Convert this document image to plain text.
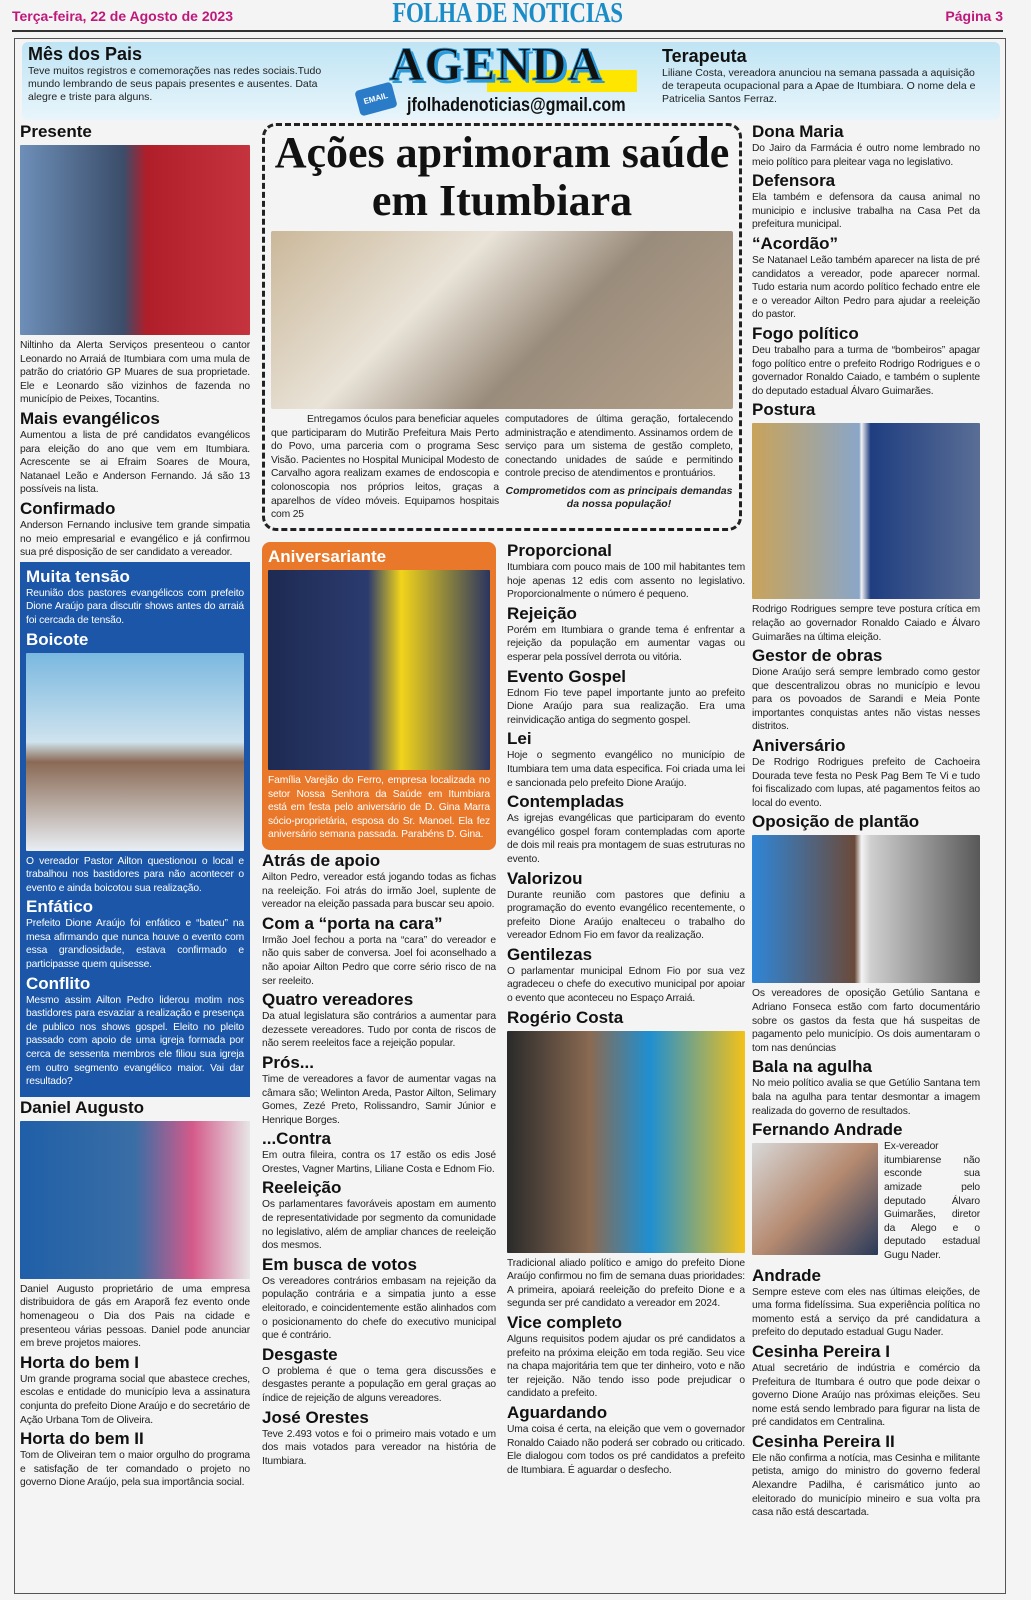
Terça-feira, 22 de Agosto de 2023	FOLHA DE NOTICIAS	Página 3
Mês dos Pais
Teve muitos registros e comemorações nas redes sociais.Tudo mundo lembrando de seus papais presentes e ausentes. Data alegre e triste para alguns.
AGENDA
EMAIL jfolhadenoticias@gmail.com
Terapeuta
Liliane Costa, vereadora anunciou na semana passada a aquisição de terapeuta ocupacional para a Apae de Itumbiara. O nome dela e Patricelia Santos Ferraz.
Ações aprimoram saúde em Itumbiara
Entregamos óculos para beneficiar aqueles que participaram do Mutirão Prefeitura Mais Perto do Povo, uma parceria com o programa Sesc Visão. Pacientes no Hospital Municipal Modesto de Carvalho agora realizam exames de endoscopia e colonoscopia nos próprios leitos, graças a aparelhos de vídeo móveis. Equipamos hospitais com 25
computadores de última geração, fortalecendo administração e atendimento. Assinamos ordem de serviço para um sistema de gestão completo, conectando unidades de saúde e permitindo controle preciso de atendimentos e prontuários.
Comprometidos com as principais demandas da nossa população!
Presente
Niltinho da Alerta Serviços presenteou o cantor Leonardo no Arraiá de Itumbiara com uma mula de patrão do criatório GP Muares de sua proprietade. Ele e Leonardo são vizinhos de fazenda no município de Peixes, Tocantins.
Mais evangélicos
Aumentou a lista de pré candidatos evangélicos para eleição do ano que vem em Itumbiara. Acrescente se ai Efraim Soares de Moura, Natanael Leão e Anderson Fernando. Já são 13 possíveis na lista.
Confirmado
Anderson Fernando inclusive tem grande simpatia no meio empresarial e evangélico e já confirmou sua pré disposição de ser candidato a vereador.
Muita tensão
Reunião dos pastores evangélicos com prefeito Dione Araújo para discutir shows antes do arraiá foi cercada de tensão.
Boicote
O vereador Pastor Ailton questionou o local e trabalhou nos bastidores para não acontecer o evento e ainda boicotou sua realização.
Enfático
Prefeito Dione Araújo foi enfático e “bateu” na mesa afirmando que nunca houve o evento com essa grandiosidade, estava confirmado e participasse quem quisesse.
Conflito
Mesmo assim Ailton Pedro liderou motim nos bastidores para esvaziar a realização e presença de publico nos shows gospel. Eleito no pleito passado com apoio de uma igreja formada por cerca de sessenta membros ele filiou sua igreja em outro segmento evangélico maior. Vai dar resultado?
Daniel Augusto
Daniel Augusto proprietário de uma empresa distribuidora de gás em Araporã fez evento onde homenageou o Dia dos Pais na cidade e presenteou várias pessoas. Daniel pode anunciar em breve projetos maiores.
Horta do bem I
Um grande programa social que abastece creches, escolas e entidade do município leva a assinatura conjunta do prefeito Dione Araújo e do secretário de Ação Urbana Tom de Oliveira.
Horta do bem II
Tom de Oliveiran tem o maior orgulho do programa e satisfação de ter comandado o projeto no governo Dione Araújo, pela sua importância social.
Aniversariante
Família Varejão do Ferro, empresa localizada no setor Nossa Senhora da Saúde em Itumbiara está em festa pelo aniversário de D. Gina Marra sócio-proprietária, esposa do Sr. Manoel. Ela fez aniversário semana passada. Parabéns D. Gina.
Atrás de apoio
Ailton Pedro, vereador está jogando todas as fichas na reeleição. Foi atrás do irmão Joel, suplente de vereador na eleição passada para buscar seu apoio.
Com a “porta na cara”
Irmão Joel fechou a porta na “cara” do vereador e não quis saber de conversa. Joel foi aconselhado a não apoiar Ailton Pedro que corre sério risco de na ser reeleito.
Quatro vereadores
Da atual legislatura são contrários a aumentar para dezessete vereadores. Tudo por conta de riscos de não serem reeleitos face a rejeição popular.
Prós...
Time de vereadores a favor de aumentar vagas na câmara são; Welinton Areda, Pastor Ailton, Selimary Gomes, Zezé Preto, Rolissandro, Samir Júnior e Henrique Borges.
...Contra
Em outra fileira, contra os 17 estão os edis José Orestes, Vagner Martins, Liliane Costa e Ednom Fio.
Reeleição
Os parlamentares favoráveis apostam em aumento de representatividade por segmento da comunidade no legislativo, além de ampliar chances de reeleição dos mesmos.
Em busca de votos
Os vereadores contrários embasam na rejeição da população contrária e a simpatia junto a esse eleitorado, e coincidentemente estão alinhados com o posicionamento do chefe do executivo municipal que é contrário.
Desgaste
O problema é que o tema gera discussões e desgastes perante a população em geral graças ao índice de rejeição de alguns vereadores.
José Orestes
Teve 2.493 votos e foi o primeiro mais votado e um dos mais votados para vereador na história de Itumbiara.
Proporcional
Itumbiara com pouco mais de 100 mil habitantes tem hoje apenas 12 edis com assento no legislativo. Proporcionalmente o número é pequeno.
Rejeição
Porém em Itumbiara o grande tema é enfrentar a rejeição da população em aumentar vagas ou esperar pela possível derrota ou vitória.
Evento Gospel
Ednom Fio teve papel importante junto ao prefeito Dione Araújo para sua realização. Era uma reinvidicação antiga do segmento gospel.
Lei
Hoje o segmento evangélico no município de Itumbiara tem uma data especifica. Foi criada uma lei e sancionada pelo prefeito Dione Araújo.
Contempladas
As igrejas evangélicas que participaram do evento evangélico gospel foram contempladas com aporte de dois mil reais pra montagem de suas estruturas no evento.
Valorizou
Durante reunião com pastores que definiu a programação do evento evangélico recentemente, o prefeito Dione Araújo enalteceu o trabalho do vereador Ednom Fio em favor da realização.
Gentilezas
O parlamentar municipal Ednom Fio por sua vez agradeceu o chefe do executivo municipal por apoiar o evento que aconteceu no Espaço Arraiá.
Rogério Costa
Tradicional aliado político e amigo do prefeito Dione Araújo confirmou no fim de semana duas prioridades: A primeira, apoiará reeleição do prefeito Dione e a segunda ser pré candidato a vereador em 2024.
Vice completo
Alguns requisitos podem ajudar os pré candidatos a prefeito na próxima eleição em toda região. Seu vice na chapa majoritária tem que ter dinheiro, voto e não ter rejeição. Não tendo isso pode prejudicar o candidato a prefeito.
Aguardando
Uma coisa é certa, na eleição que vem o governador Ronaldo Caiado não poderá ser cobrado ou criticado. Ele dialogou com todos os pré candidatos a prefeito de Itumbiara. É aguardar o desfecho.
Dona Maria
Do Jairo da Farmácia é outro nome lembrado no meio político para pleitear vaga no legislativo.
Defensora
Ela também e defensora da causa animal no municipio e inclusive trabalha na Casa Pet da prefeitura municipal.
“Acordão”
Se Natanael Leão também aparecer na lista de pré candidatos a vereador, pode aparecer normal. Tudo estaria num acordo político fechado entre ele e o vereador Ailton Pedro para ajudar a reeleição do pastor.
Fogo político
Deu trabalho para a turma de “bombeiros” apagar fogo político entre o prefeito Rodrigo Rodrigues e o governador Ronaldo Caiado, e também o suplente do deputado estadual Álvaro Guimarães.
Postura
Rodrigo Rodrigues sempre teve postura crítica em relação ao governador Ronaldo Caiado e Álvaro Guimarães na última eleição.
Gestor de obras
Dione Araújo será sempre lembrado como gestor que descentralizou obras no município e levou para os povoados de Sarandi e Meia Ponte importantes conquistas antes não vistas nesses distritos.
Aniversário
De Rodrigo Rodrigues prefeito de Cachoeira Dourada teve festa no Pesk Pag Bem Te Vi e tudo foi fiscalizado com lupas, até pagamentos feitos ao local do evento.
Oposição de plantão
Os vereadores de oposição Getúlio Santana e Adriano Fonseca estão com farto documentário sobre os gastos da festa que há suspeitas de pagamento pelo município. Os dois aumentaram o tom nas denúncias
Bala na agulha
No meio político avalia se que Getúlio Santana tem bala na agulha para tentar desmontar a imagem realizada do governo de resultados.
Fernando Andrade
Ex-vereador itumbiarense não esconde sua amizade pelo deputado Álvaro Guimarães, diretor da Alego e o deputado estadual Gugu Nader.
Andrade
Sempre esteve com eles nas últimas eleições, de uma forma fidelíssima. Sua experiência política no momento está a serviço da pré candidatura a prefeito do deputado estadual Gugu Nader.
Cesinha Pereira I
Atual secretário de indústria e comércio da Prefeitura de Itumbara é outro que pode deixar o governo Dione Araújo nas próximas eleições. Seu nome está sendo lembrado para figurar na lista de pré candidatos em Centralina.
Cesinha Pereira II
Ele não confirma a notícia, mas Cesinha e militante petista, amigo do ministro do governo federal Alexandre Padilha, é carismático junto ao eleitorado do município mineiro e sua volta pra casa não está descartada.
